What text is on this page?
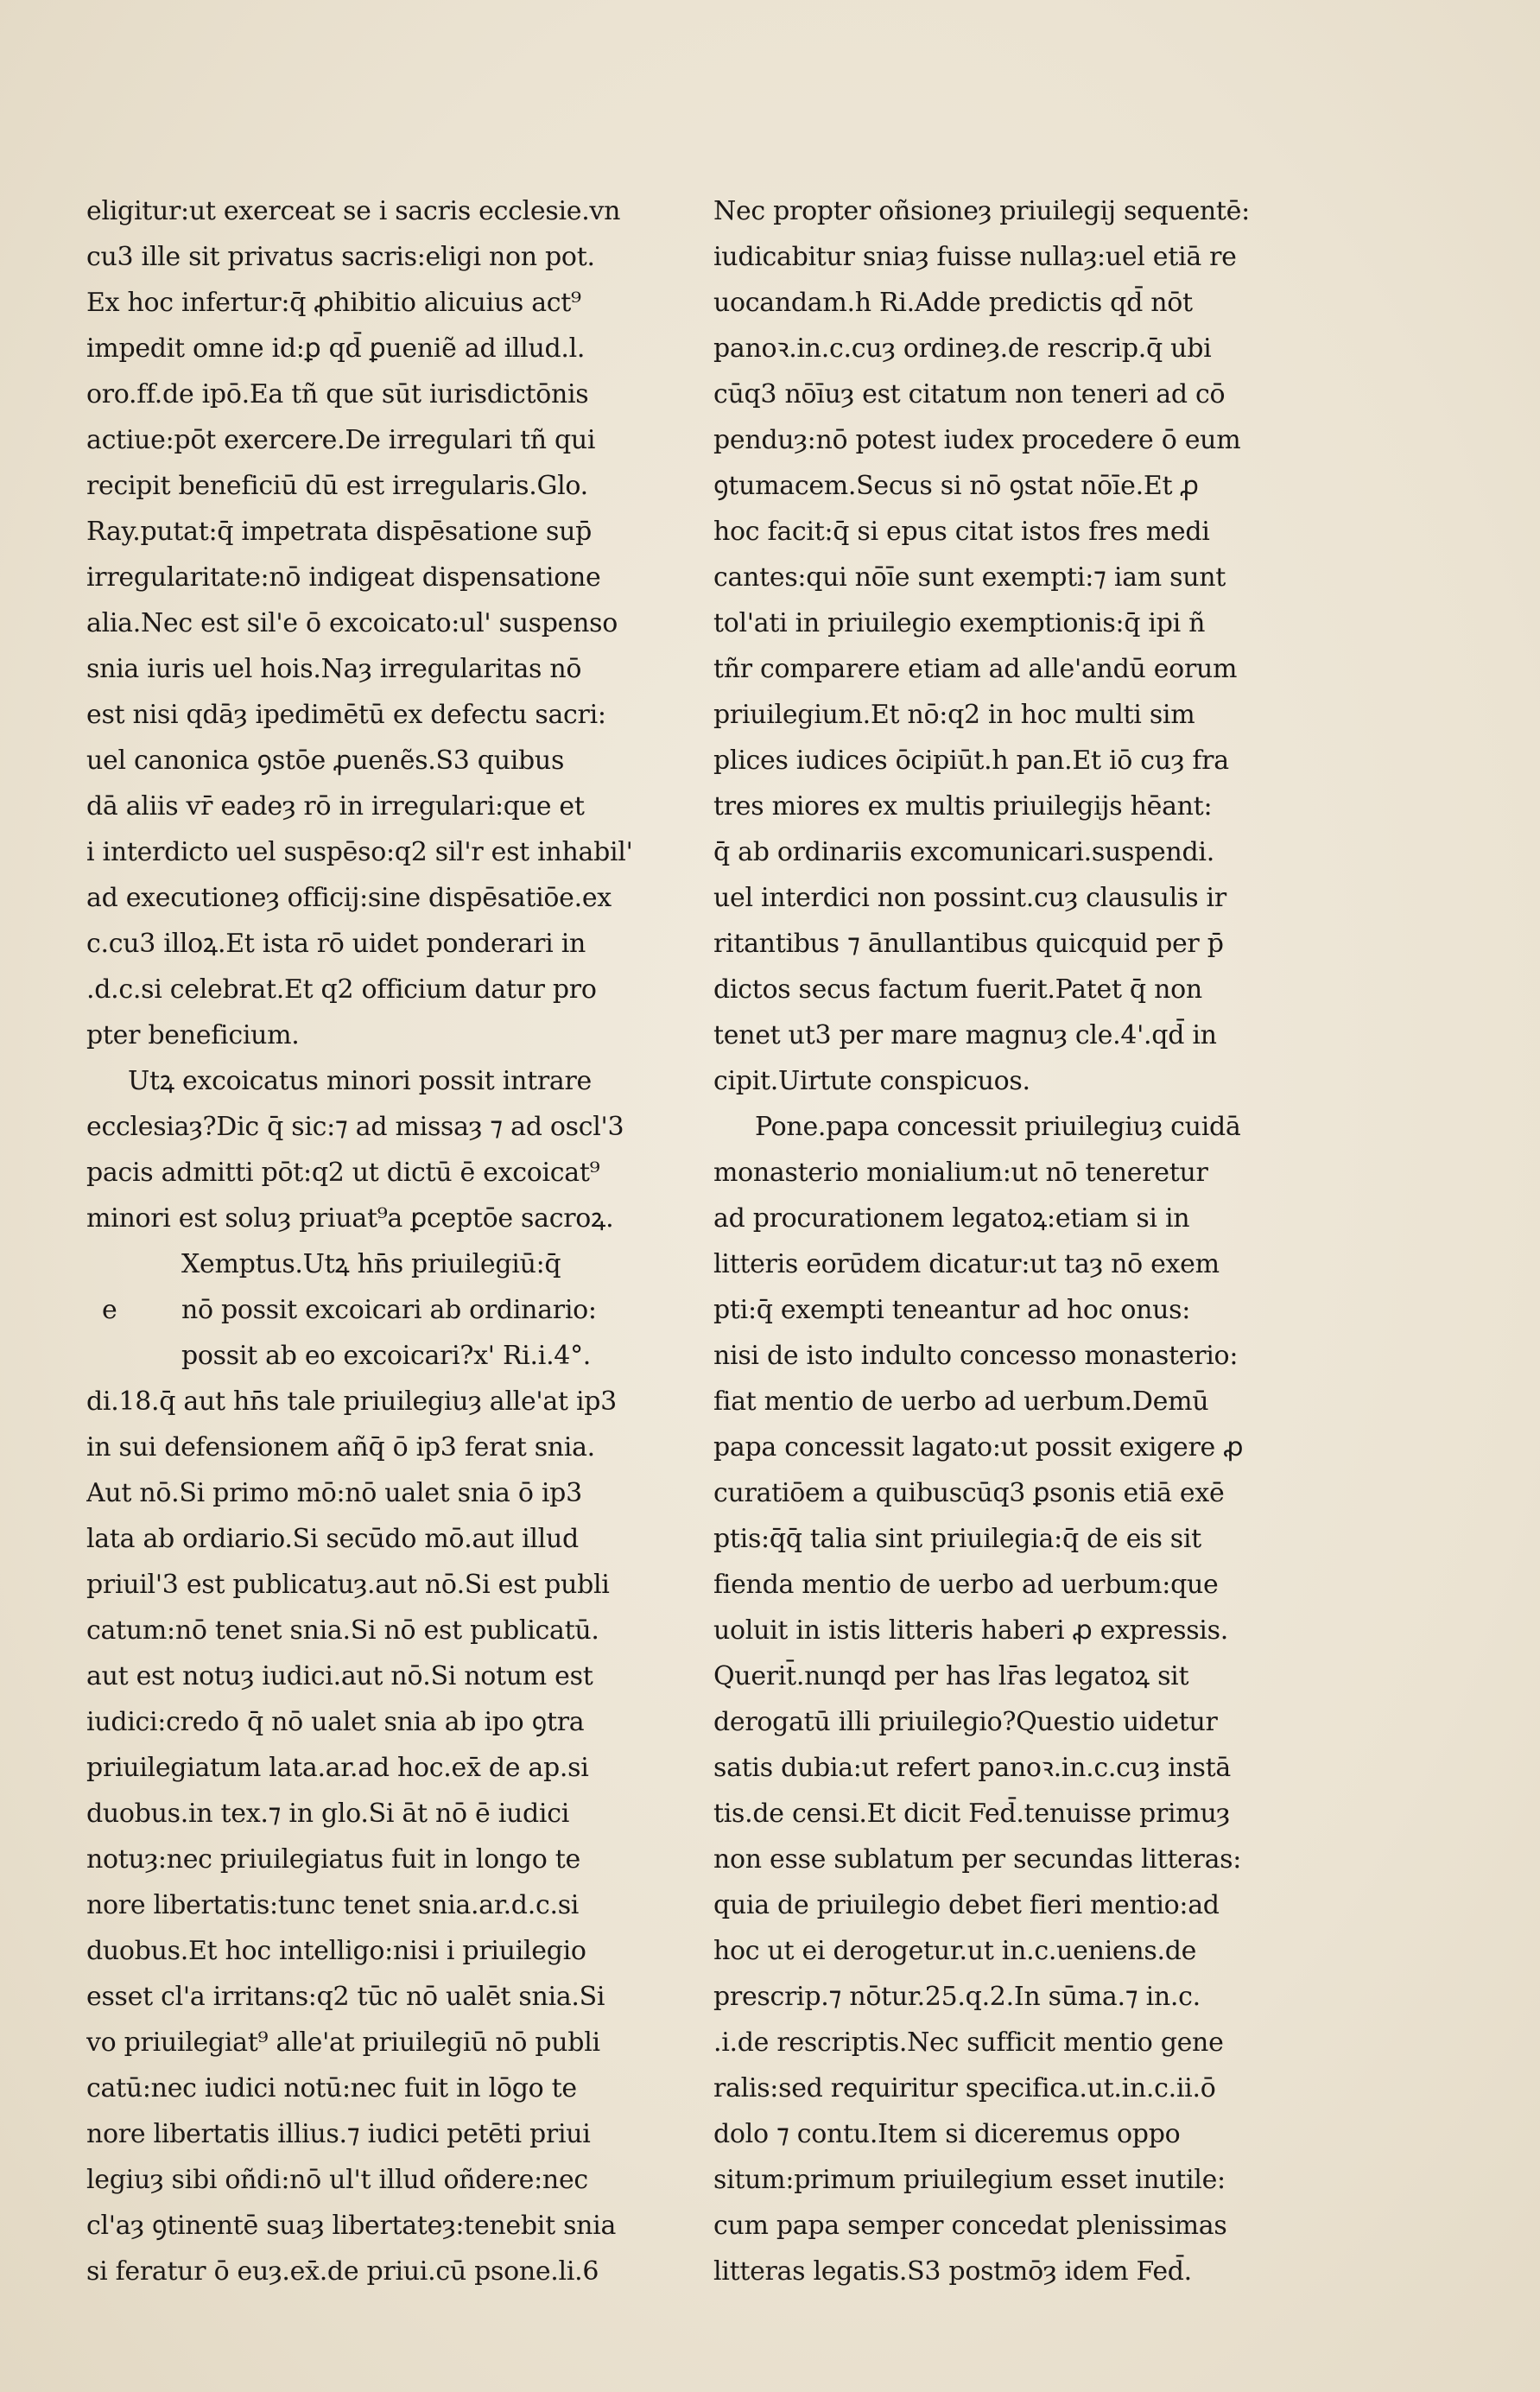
eligitur:ut exerceat se i sacris ecclesie.vn
cu3 ille sit privatus sacris:eligi non pot.
Ex hoc infertur:q̄ ꝓhibitio alicuius act⁹
impedit omne id:ꝑ qd̄ ꝑueniẽ ad illud.l.
oro.ff.de ipō.Ea tñ que sūt iurisdictōnis
actiue:pōt exercere.De irregulari tñ qui
recipit beneficiū dū est irregularis.Glo.
Ray.putat:q̄ impetrata dispēsatione sup̄
irregularitate:nō indigeat dispensatione
alia.Nec est sil'e ō excoicato:ul' suspenso
snia iuris uel hois.Naȝ irregularitas nō
est nisi qdāȝ ipedimētū ex defectu sacri:
uel canonica ꝯstōe ꝓuenẽs.S3 quibus
dā aliis vr̄ eadeȝ rō in irregulari:que et
i interdicto uel suspēso:q2 sil'r est inhabil'
ad executioneȝ officij:sine dispēsatiōe.ex
c.cu3 illoꝝ.Et ista rō uidet ponderari in
.d.c.si celebrat.Et q2 officium datur pro
pter beneficium.
Utꝝ excoicatus minori possit intrare
ecclesiaȝ?Dic q̄ sic:⁊ ad missaȝ ⁊ ad oscl'3
pacis admitti pōt:q2 ut dictū ē excoicat⁹
minori est soluȝ priuat⁹a ꝑceptōe sacroꝝ.
Xemptus.Utꝝ hn̄s priuilegiū:q̄
e nō possit excoicari ab ordinario:
possit ab eo excoicari?x' Ri.i.4°.
di.18.q̄ aut hn̄s tale priuilegiuȝ alle'at ip3
in sui defensionem añq̄ ō ip3 ferat snia.
Aut nō.Si primo mō:nō ualet snia ō ip3
lata ab ordiario.Si secūdo mō.aut illud
priuil'3 est publicatuȝ.aut nō.Si est publi
catum:nō tenet snia.Si nō est publicatū.
aut est notuȝ iudici.aut nō.Si notum est
iudici:credo q̄ nō ualet snia ab ipo ꝯtra
priuilegiatum lata.ar.ad hoc.ex̄ de ap.si
duobus.in tex.⁊ in glo.Si āt nō ē iudici
notuȝ:nec priuilegiatus fuit in longo te
nore libertatis:tunc tenet snia.ar.d.c.si
duobus.Et hoc intelligo:nisi i priuilegio
esset cl'a irritans:q2 tūc nō ualēt snia.Si
vo priuilegiat⁹ alle'at priuilegiū nō publi
catū:nec iudici notū:nec fuit in lōgo te
nore libertatis illius.⁊ iudici petēti priui
legiuȝ sibi oñdi:nō ul't illud oñdere:nec
cl'aȝ ꝯtinentē suaȝ libertateȝ:tenebit snia
si feratur ō euȝ.ex̄.de priui.cū psone.li.6
Nec propter oñsioneȝ priuilegij sequentē:
iudicabitur sniaȝ fuisse nullaȝ:uel etiā re
uocandam.h Ri.Adde predictis qd̄ nōt
panoꝛ.in.c.cuȝ ordineȝ.de rescrip.q̄ ubi
cūq3 nōīuȝ est citatum non teneri ad cō
penduȝ:nō potest iudex procedere ō eum
ꝯtumacem.Secus si nō ꝯstat nōīe.Et ꝓ
hoc facit:q̄ si epus citat istos fres medi
cantes:qui nōīe sunt exempti:⁊ iam sunt
tol'ati in priuilegio exemptionis:q̄ ipi ñ
tñr comparere etiam ad alle'andū eorum
priuilegium.Et nō:q2 in hoc multi sim
plices iudices ōcipiūt.h pan.Et iō cuȝ fra
tres miores ex multis priuilegijs hēant:
q̄ ab ordinariis excomunicari.suspendi.
uel interdici non possint.cuȝ clausulis ir
ritantibus ⁊ ānullantibus quicquid per p̄
dictos secus factum fuerit.Patet q̄ non
tenet ut3 per mare magnuȝ cle.4'.qd̄ in
cipit.Uirtute conspicuos.
Pone.papa concessit priuilegiuȝ cuidā
monasterio monialium:ut nō teneretur
ad procurationem legatoꝝ:etiam si in
litteris eorūdem dicatur:ut taȝ nō exem
pti:q̄ exempti teneantur ad hoc onus:
nisi de isto indulto concesso monasterio:
fiat mentio de uerbo ad uerbum.Demū
papa concessit lagato:ut possit exigere ꝓ
curatiōem a quibuscūq3 ꝑsonis etiā exē
ptis:q̄q̄ talia sint priuilegia:q̄ de eis sit
fienda mentio de uerbo ad uerbum:que
uoluit in istis litteris haberi ꝓ expressis.
Querit̄.nunqd per has lr̄as legatoꝝ sit
derogatū illi priuilegio?Questio uidetur
satis dubia:ut refert panoꝛ.in.c.cuȝ instā
tis.de censi.Et dicit Fed̄.tenuisse primuȝ
non esse sublatum per secundas litteras:
quia de priuilegio debet fieri mentio:ad
hoc ut ei derogetur.ut in.c.ueniens.de
prescrip.⁊ nōtur.25.q.2.In sūma.⁊ in.c.
.i.de rescriptis.Nec sufficit mentio gene
ralis:sed requiritur specifica.ut.in.c.ii.ō
dolo ⁊ contu.Item si diceremus oppo
situm:primum priuilegium esset inutile:
cum papa semper concedat plenissimas
litteras legatis.S3 postmōȝ idem Fed̄.
